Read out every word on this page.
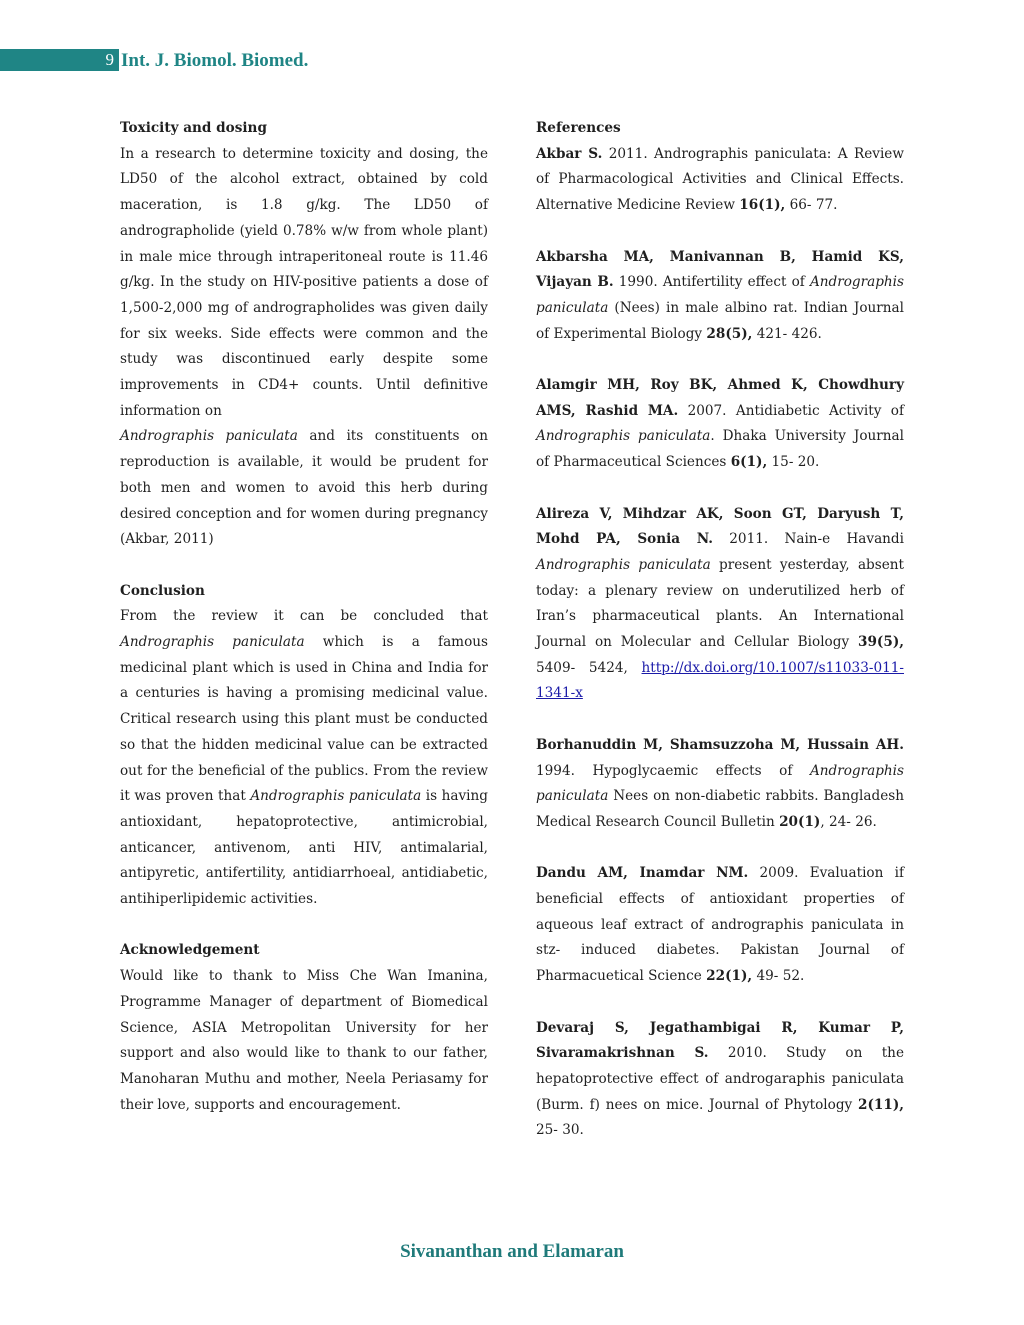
9 Int. J. Biomol. Biomed.

Toxicity and dosing

In a research to determine toxicity and dosing, the LD50 of the alcohol extract, obtained by cold maceration, is 1.8 g/kg. The LD50 of andrographolide (yield 0.78% w/w from whole plant) in male mice through intraperitoneal route is 11.46 g/kg. In the study on HIV-positive patients a dose of 1,500-2,000 mg of andrographolides was given daily for six weeks. Side effects were common and the study was discontinued early despite some improvements in CD4+ counts. Until definitive information on
Andrographis paniculata and its constituents on reproduction is available, it would be prudent for both men and women to avoid this herb during desired conception and for women during pregnancy (Akbar, 2011)

Conclusion

From the review it can be concluded that Andrographis paniculata which is a famous medicinal plant which is used in China and India for a centuries is having a promising medicinal value. Critical research using this plant must be conducted so that the hidden medicinal value can be extracted out for the beneficial of the publics. From the review it was proven that Andrographis paniculata is having antioxidant, hepatoprotective, antimicrobial, anticancer, antivenom, anti HIV, antimalarial, antipyretic, antifertility, antidiarrhoeal, antidiabetic, antihiperlipidemic activities.

Acknowledgement

Would like to thank to Miss Che Wan Imanina, Programme Manager of department of Biomedical Science, ASIA Metropolitan University for her support and also would like to thank to our father, Manoharan Muthu and mother, Neela Periasamy for their love, supports and encouragement.

References

Akbar S. 2011. Andrographis paniculata: A Review of Pharmacological Activities and Clinical Effects. Alternative Medicine Review 16(1), 66- 77.

Akbarsha MA, Manivannan B, Hamid KS, Vijayan B. 1990. Antifertility effect of Andrographis paniculata (Nees) in male albino rat. Indian Journal of Experimental Biology 28(5), 421- 426.

Alamgir MH, Roy BK, Ahmed K, Chowdhury AMS, Rashid MA. 2007. Antidiabetic Activity of Andrographis paniculata. Dhaka University Journal of Pharmaceutical Sciences 6(1), 15- 20.

Alireza V, Mihdzar AK, Soon GT, Daryush T, Mohd PA, Sonia N. 2011. Nain-e Havandi Andrographis paniculata present yesterday, absent today: a plenary review on underutilized herb of Iran’s pharmaceutical plants. An International Journal on Molecular and Cellular Biology 39(5), 5409- 5424, http://dx.doi.org/10.1007/s11033-011-1341-x

Borhanuddin M, Shamsuzzoha M, Hussain AH. 1994. Hypoglycaemic effects of Andrographis paniculata Nees on non-diabetic rabbits. Bangladesh Medical Research Council Bulletin 20(1), 24- 26.

Dandu AM, Inamdar NM. 2009. Evaluation if beneficial effects of antioxidant properties of aqueous leaf extract of andrographis paniculata in stz- induced diabetes. Pakistan Journal of Pharmacuetical Science 22(1), 49- 52.

Devaraj S, Jegathambigai R, Kumar P, Sivaramakrishnan S. 2010. Study on the hepatoprotective effect of androgaraphis paniculata (Burm. f) nees on mice. Journal of Phytology 2(11), 25- 30.

Sivananthan and Elamaran
